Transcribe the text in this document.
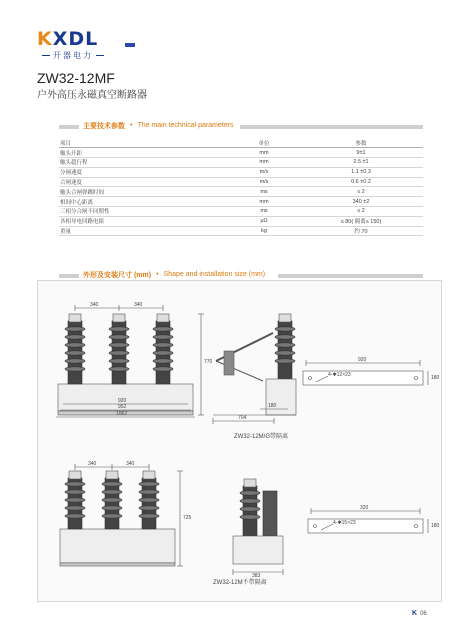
KXDL
开器电力
ZW32-12MF
户外高压永磁真空断路器
主要技术参数 • The main technical parameters
项目	单位	参数
触头开距	mm	9±1
触头超行程	mm	2.5 ±1
分闸速度	m/s	1.1 ±0.3
合闸速度	m/s	0.6 ±0.2
触头合闸弹跳时间	ms	≤ 2
相间中心距离	mm	340 ±2
三相分合闸不同期性	ms	≤ 2
各相导电回路电阻	μΩ	≤ 80( 隔离≤ 150)
重量	kg	约 70
外形及安装尺寸 (mm) • Shape and installation size (mm)
340	340
770
920
952
1062
704
180
920
4-✱12×23	180
ZW32-12M/G带隔离
340	340
725
383
320
4-✱15×23	180
ZW32-12M不带隔离
K 06
